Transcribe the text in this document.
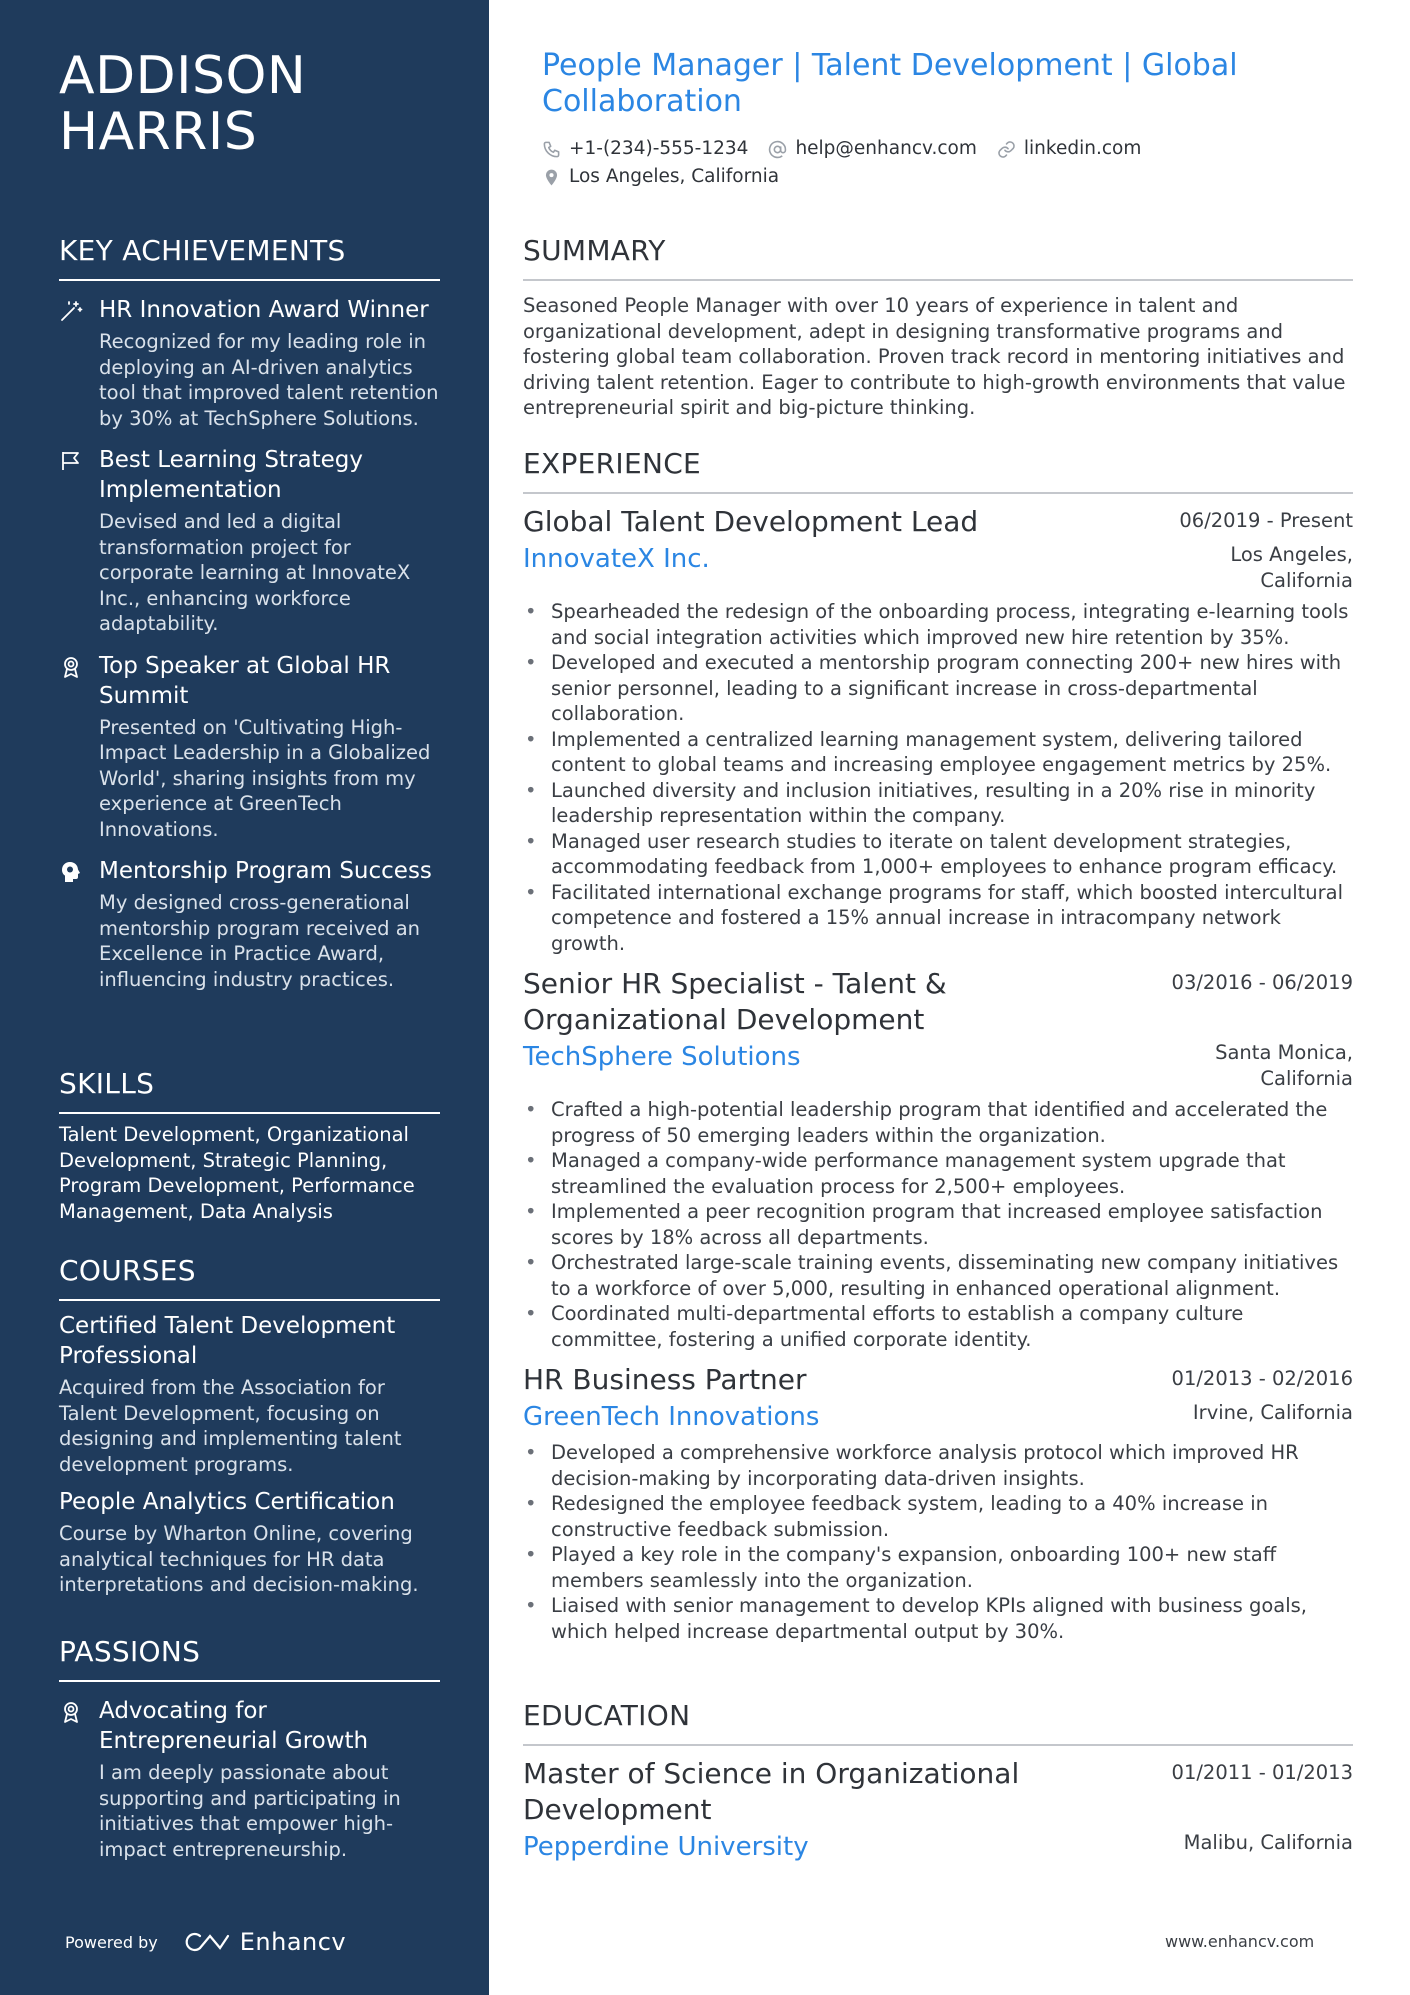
ADDISON
HARRIS
KEY ACHIEVEMENTS
HR Innovation Award Winner
Recognized for my leading role in deploying an AI-driven analytics tool that improved talent retention by 30% at TechSphere Solutions.
Best Learning Strategy Implementation
Devised and led a digital transformation project for corporate learning at InnovateX Inc., enhancing workforce adaptability.
Top Speaker at Global HR Summit
Presented on 'Cultivating High-Impact Leadership in a Globalized World', sharing insights from my experience at GreenTech Innovations.
Mentorship Program Success
My designed cross-generational mentorship program received an Excellence in Practice Award, influencing industry practices.
SKILLS
Talent Development, Organizational Development, Strategic Planning, Program Development, Performance Management, Data Analysis
COURSES
Certified Talent Development Professional
Acquired from the Association for Talent Development, focusing on designing and implementing talent development programs.
People Analytics Certification
Course by Wharton Online, covering analytical techniques for HR data interpretations and decision-making.
PASSIONS
Advocating for Entrepreneurial Growth
I am deeply passionate about supporting and participating in initiatives that empower high-impact entrepreneurship.
Powered by	Enhancv
People Manager | Talent Development | Global Collaboration
+1-(234)-555-1234	help@enhancv.com	linkedin.com
Los Angeles, California
SUMMARY
Seasoned People Manager with over 10 years of experience in talent and organizational development, adept in designing transformative programs and fostering global team collaboration. Proven track record in mentoring initiatives and driving talent retention. Eager to contribute to high-growth environments that value entrepreneurial spirit and big-picture thinking.
EXPERIENCE
Global Talent Development Lead	06/2019 - Present
InnovateX Inc.	Los Angeles, California
• Spearheaded the redesign of the onboarding process, integrating e-learning tools and social integration activities which improved new hire retention by 35%.
• Developed and executed a mentorship program connecting 200+ new hires with senior personnel, leading to a significant increase in cross-departmental collaboration.
• Implemented a centralized learning management system, delivering tailored content to global teams and increasing employee engagement metrics by 25%.
• Launched diversity and inclusion initiatives, resulting in a 20% rise in minority leadership representation within the company.
• Managed user research studies to iterate on talent development strategies, accommodating feedback from 1,000+ employees to enhance program efficacy.
• Facilitated international exchange programs for staff, which boosted intercultural competence and fostered a 15% annual increase in intracompany network growth.
Senior HR Specialist - Talent & Organizational Development
03/2016 - 06/2019
TechSphere Solutions	Santa Monica, California
• Crafted a high-potential leadership program that identified and accelerated the progress of 50 emerging leaders within the organization.
• Managed a company-wide performance management system upgrade that streamlined the evaluation process for 2,500+ employees.
• Implemented a peer recognition program that increased employee satisfaction scores by 18% across all departments.
• Orchestrated large-scale training events, disseminating new company initiatives to a workforce of over 5,000, resulting in enhanced operational alignment.
• Coordinated multi-departmental efforts to establish a company culture committee, fostering a unified corporate identity.
HR Business Partner	01/2013 - 02/2016
GreenTech Innovations	Irvine, California
• Developed a comprehensive workforce analysis protocol which improved HR decision-making by incorporating data-driven insights.
• Redesigned the employee feedback system, leading to a 40% increase in constructive feedback submission.
• Played a key role in the company's expansion, onboarding 100+ new staff members seamlessly into the organization.
• Liaised with senior management to develop KPIs aligned with business goals, which helped increase departmental output by 30%.
EDUCATION
Master of Science in Organizational Development
01/2011 - 01/2013
Pepperdine University	Malibu, California
www.enhancv.com
